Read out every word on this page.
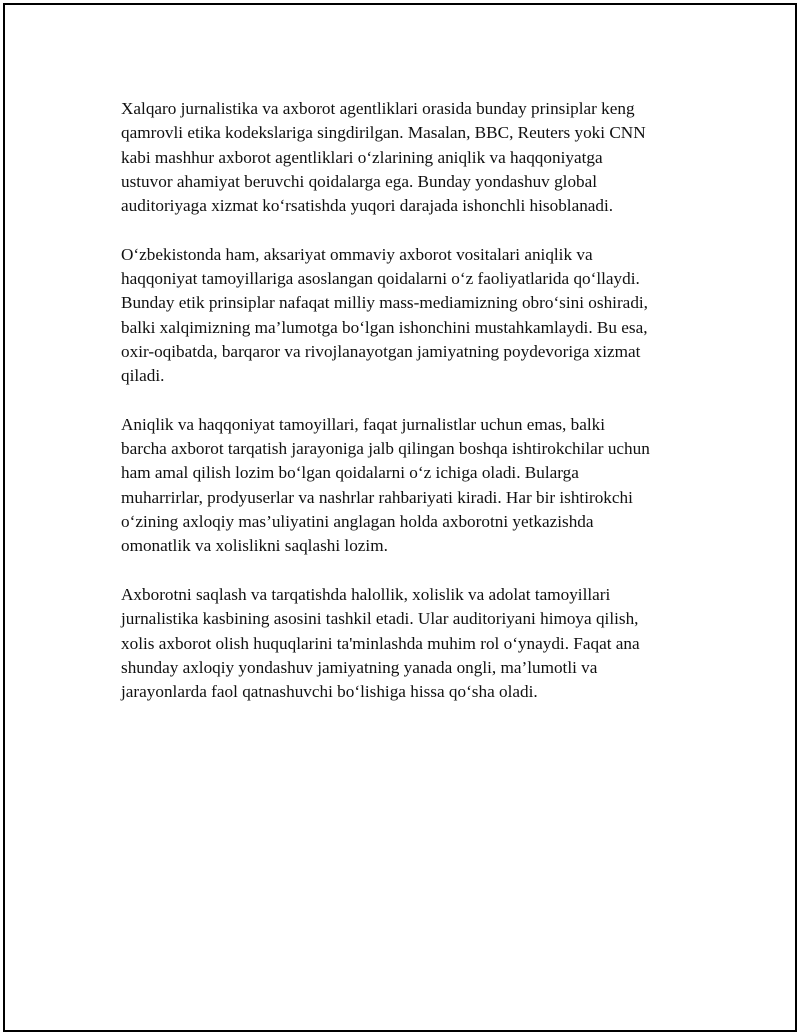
Xalqaro jurnalistika va axborot agentliklari orasida bunday prinsiplar keng
qamrovli etika kodekslariga singdirilgan. Masalan, BBC, Reuters yoki CNN
kabi mashhur axborot agentliklari o‘zlarining aniqlik va haqqoniyatga
ustuvor ahamiyat beruvchi qoidalarga ega. Bunday yondashuv global
auditoriyaga xizmat ko‘rsatishda yuqori darajada ishonchli hisoblanadi.

O‘zbekistonda ham, aksariyat ommaviy axborot vositalari aniqlik va
haqqoniyat tamoyillariga asoslangan qoidalarni o‘z faoliyatlarida qo‘llaydi.
Bunday etik prinsiplar nafaqat milliy mass-mediamizning obro‘sini oshiradi,
balki xalqimizning ma’lumotga bo‘lgan ishonchini mustahkamlaydi. Bu esa,
oxir-oqibatda, barqaror va rivojlanayotgan jamiyatning poydevoriga xizmat
qiladi.

Aniqlik va haqqoniyat tamoyillari, faqat jurnalistlar uchun emas, balki
barcha axborot tarqatish jarayoniga jalb qilingan boshqa ishtirokchilar uchun
ham amal qilish lozim bo‘lgan qoidalarni o‘z ichiga oladi. Bularga
muharrirlar, prodyuserlar va nashrlar rahbariyati kiradi. Har bir ishtirokchi
o‘zining axloqiy mas’uliyatini anglagan holda axborotni yetkazishda
omonatlik va xolislikni saqlashi lozim.

Axborotni saqlash va tarqatishda halollik, xolislik va adolat tamoyillari
jurnalistika kasbining asosini tashkil etadi. Ular auditoriyani himoya qilish,
xolis axborot olish huquqlarini ta'minlashda muhim rol o‘ynaydi. Faqat ana
shunday axloqiy yondashuv jamiyatning yanada ongli, ma’lumotli va
jarayonlarda faol qatnashuvchi bo‘lishiga hissa qo‘sha oladi.
